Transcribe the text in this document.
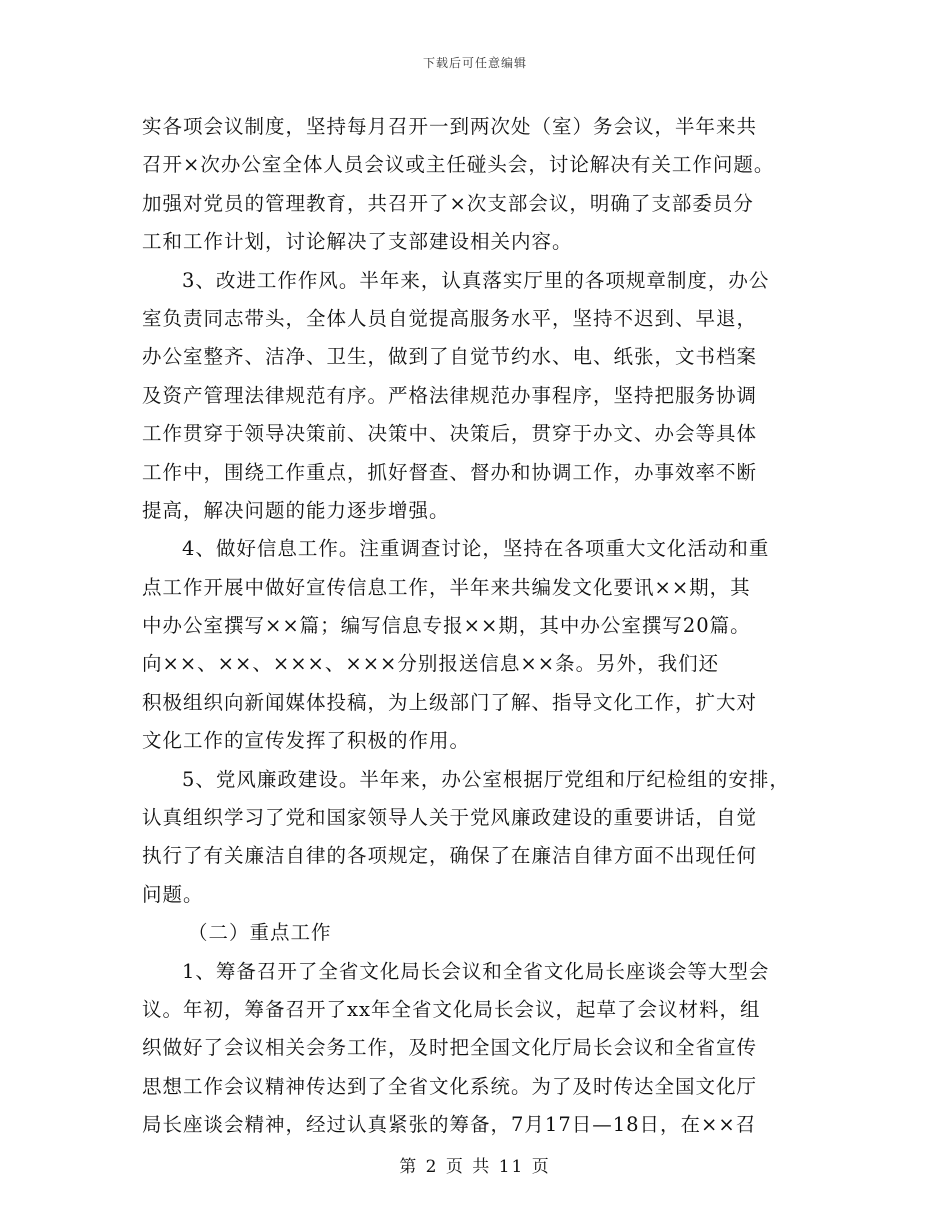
下载后可任意编辑
实各项会议制度，坚持每月召开一到两次处（室）务会议，半年来共
召开×次办公室全体人员会议或主任碰头会，讨论解决有关工作问题。
加强对党员的管理教育，共召开了×次支部会议，明确了支部委员分
工和工作计划，讨论解决了支部建设相关内容。
3、改进工作作风。半年来，认真落实厅里的各项规章制度，办公
室负责同志带头，全体人员自觉提高服务水平，坚持不迟到、早退，
办公室整齐、洁净、卫生，做到了自觉节约水、电、纸张，文书档案
及资产管理法律规范有序。严格法律规范办事程序，坚持把服务协调
工作贯穿于领导决策前、决策中、决策后，贯穿于办文、办会等具体
工作中，围绕工作重点，抓好督查、督办和协调工作，办事效率不断
提高，解决问题的能力逐步增强。
4、做好信息工作。注重调查讨论，坚持在各项重大文化活动和重
点工作开展中做好宣传信息工作，半年来共编发文化要讯××期，其
中办公室撰写××篇；编写信息专报××期，其中办公室撰写20篇。
向××、××、×××、×××分别报送信息××条。另外，我们还
积极组织向新闻媒体投稿，为上级部门了解、指导文化工作，扩大对
文化工作的宣传发挥了积极的作用。
5、党风廉政建设。半年来，办公室根据厅党组和厅纪检组的安排，
认真组织学习了党和国家领导人关于党风廉政建设的重要讲话，自觉
执行了有关廉洁自律的各项规定，确保了在廉洁自律方面不出现任何
问题。
（二）重点工作
1、筹备召开了全省文化局长会议和全省文化局长座谈会等大型会
议。年初，筹备召开了xx年全省文化局长会议，起草了会议材料，组
织做好了会议相关会务工作，及时把全国文化厅局长会议和全省宣传
思想工作会议精神传达到了全省文化系统。为了及时传达全国文化厅
局长座谈会精神，经过认真紧张的筹备，7月17日—18日，在××召
第 2 页 共 11 页
